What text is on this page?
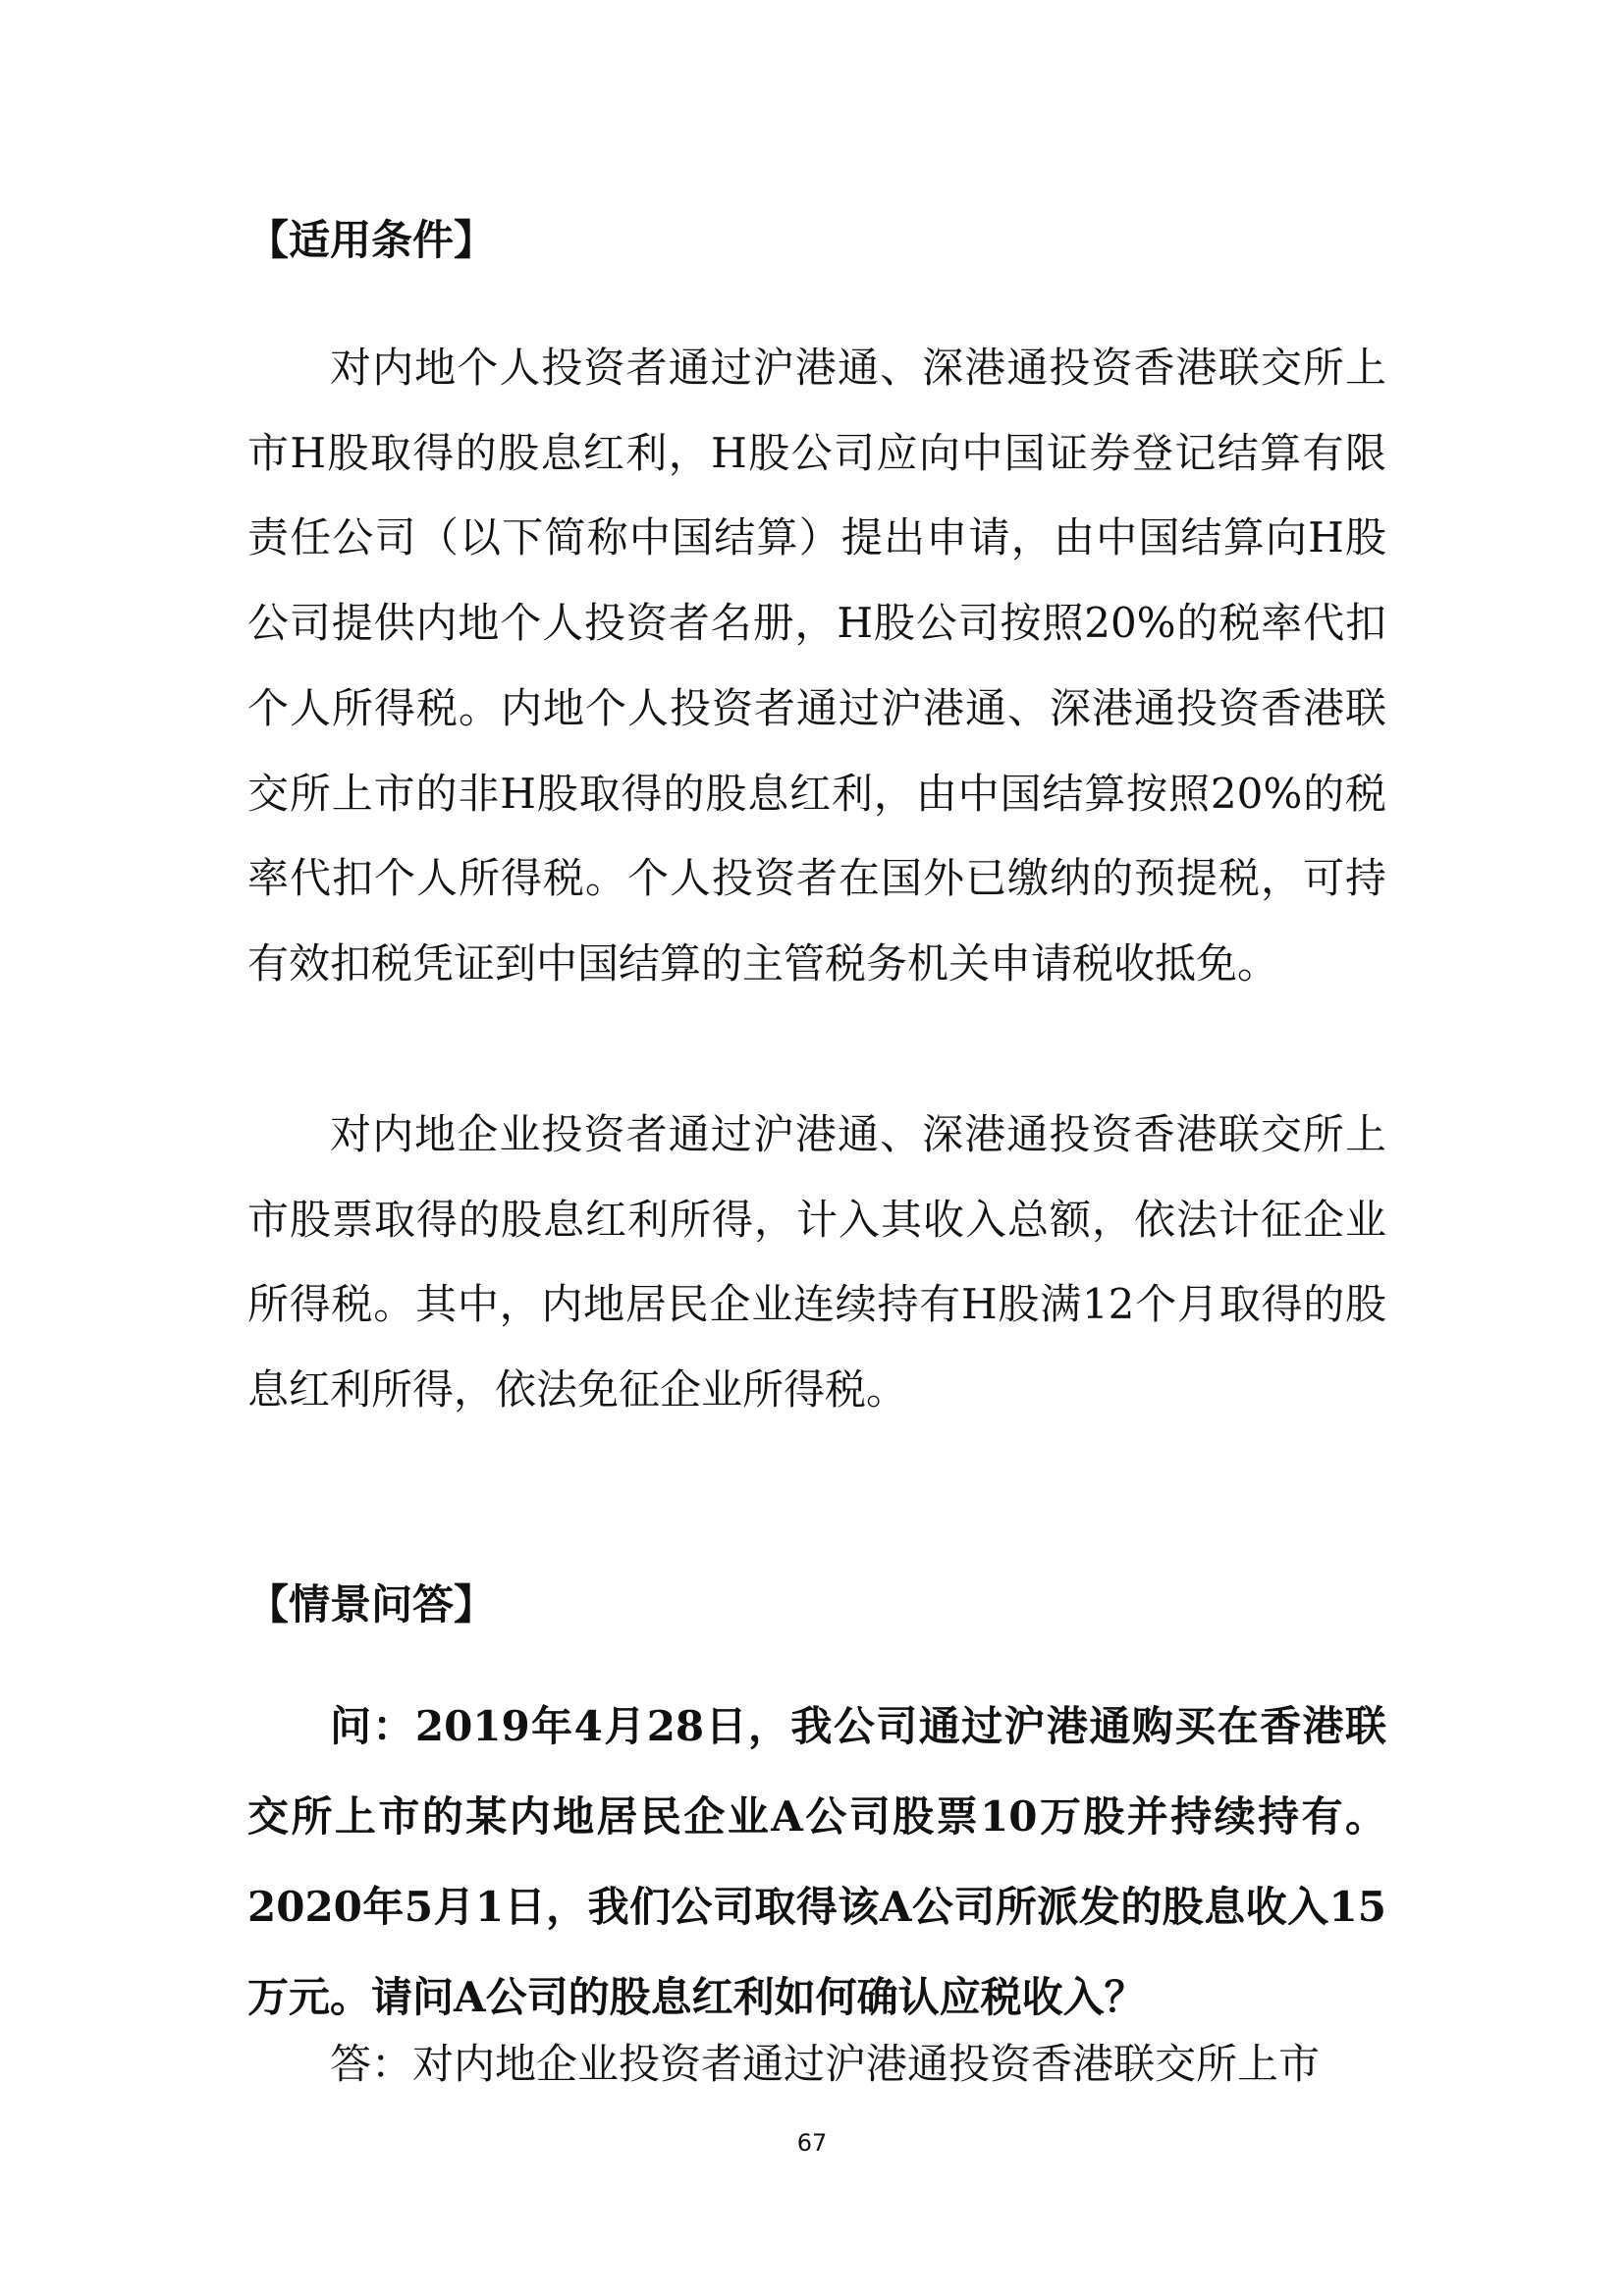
【适用条件】

对内地个人投资者通过沪港通、深港通投资香港联交所上市H股取得的股息红利，H股公司应向中国证券登记结算有限责任公司（以下简称中国结算）提出申请，由中国结算向H股公司提供内地个人投资者名册，H股公司按照20%的税率代扣个人所得税。内地个人投资者通过沪港通、深港通投资香港联交所上市的非H股取得的股息红利，由中国结算按照20%的税率代扣个人所得税。个人投资者在国外已缴纳的预提税，可持有效扣税凭证到中国结算的主管税务机关申请税收抵免。

对内地企业投资者通过沪港通、深港通投资香港联交所上市股票取得的股息红利所得，计入其收入总额，依法计征企业所得税。其中，内地居民企业连续持有H股满12个月取得的股息红利所得，依法免征企业所得税。

【情景问答】

问：2019年4月28日，我公司通过沪港通购买在香港联交所上市的某内地居民企业A公司股票10万股并持续持有。2020年5月1日，我们公司取得该A公司所派发的股息收入15万元。请问A公司的股息红利如何确认应税收入？

答：对内地企业投资者通过沪港通投资香港联交所上市

67
